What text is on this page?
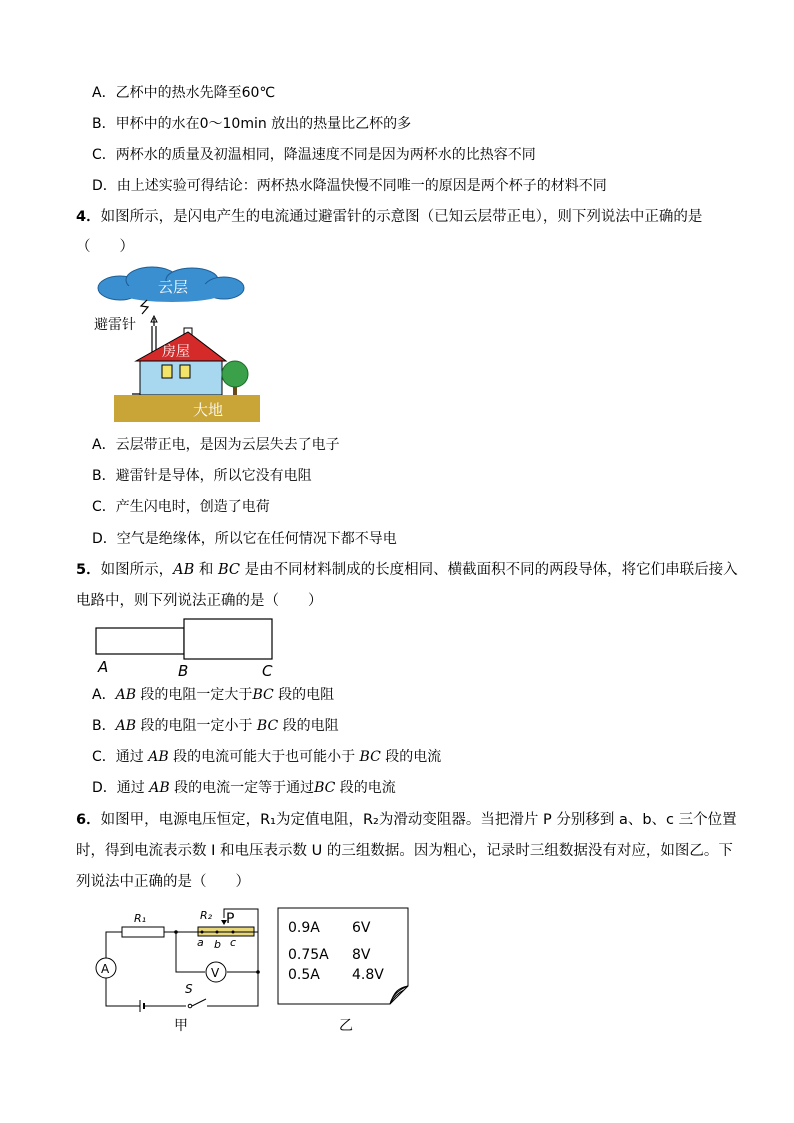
A．乙杯中的热水先降至60℃
B．甲杯中的水在0～10min 放出的热量比乙杯的多
C．两杯水的质量及初温相同，降温速度不同是因为两杯水的比热容不同
D．由上述实验可得结论：两杯热水降温快慢不同唯一的原因是两个杯子的材料不同
4．如图所示，是闪电产生的电流通过避雷针的示意图（已知云层带正电），则下列说法中正确的是
（　　）
云层
避雷针
房屋
大地
A．云层带正电，是因为云层失去了电子
B．避雷针是导体，所以它没有电阻
C．产生闪电时，创造了电荷
D．空气是绝缘体，所以它在任何情况下都不导电
5．如图所示，AB 和 BC 是由不同材料制成的长度相同、横截面积不同的两段导体，将它们串联后接入
电路中，则下列说法正确的是（　　）
A	B	C
A．AB 段的电阻一定大于BC 段的电阻
B．AB 段的电阻一定小于 BC 段的电阻
C．通过 AB 段的电流可能大于也可能小于 BC 段的电流
D．通过 AB 段的电流一定等于通过BC 段的电流
6．如图甲，电源电压恒定，R₁为定值电阻，R₂为滑动变阻器。当把滑片 P 分别移到 a、b、c 三个位置
时，得到电流表示数 I 和电压表示数 U 的三组数据。因为粗心，记录时三组数据没有对应，如图乙。下
列说法中正确的是（　　）
R₁	R₂ P
a b c
A	V
S
甲
0.9A 6V
0.75A 8V
0.5A 4.8V
乙
